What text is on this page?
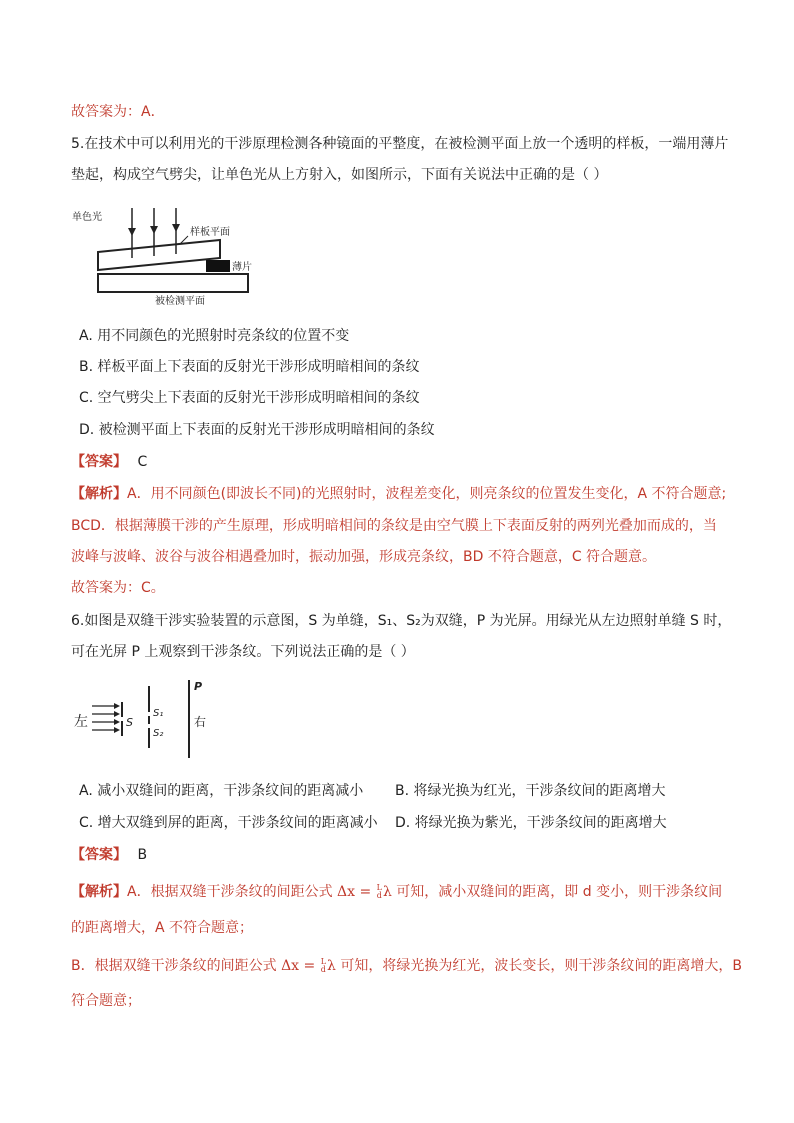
故答案为：A．
5.在技术中可以利用光的干涉原理检测各种镜面的平整度，在被检测平面上放一个透明的样板，一端用薄片
垫起，构成空气劈尖，让单色光从上方射入，如图所示，下面有关说法中正确的是（ ）
单色光
样板平面
薄片
被检测平面
A. 用不同颜色的光照射时亮条纹的位置不变
B. 样板平面上下表面的反射光干涉形成明暗相间的条纹
C. 空气劈尖上下表面的反射光干涉形成明暗相间的条纹
D. 被检测平面上下表面的反射光干涉形成明暗相间的条纹
【答案】 C
【解析】A．用不同颜色(即波长不同)的光照射时，波程差变化，则亮条纹的位置发生变化，A 不符合题意;
BCD．根据薄膜干涉的产生原理，形成明暗相间的条纹是由空气膜上下表面反射的两列光叠加而成的，当
波峰与波峰、波谷与波谷相遇叠加时，振动加强，形成亮条纹，BD 不符合题意，C 符合题意。
故答案为：C。
6.如图是双缝干涉实验装置的示意图，S 为单缝，S₁、S₂为双缝，P 为光屏。用绿光从左边照射单缝 S 时，
可在光屏 P 上观察到干涉条纹。下列说法正确的是（ ）
左	S
S₁
S₂
P
右
A. 减小双缝间的距离，干涉条纹间的距离减小 B. 将绿光换为红光，干涉条纹间的距离增大
C. 增大双缝到屏的距离，干涉条纹间的距离减小 D. 将绿光换为紫光，干涉条纹间的距离增大
【答案】 B
【解析】A．根据双缝干涉条纹的间距公式 Δx = L
d λ 可知，减小双缝间的距离，即 d 变小，则干涉条纹间
的距离增大，A 不符合题意；
B．根据双缝干涉条纹的间距公式 Δx = L
d λ 可知，将绿光换为红光，波长变长，则干涉条纹间的距离增大，B
符合题意；
